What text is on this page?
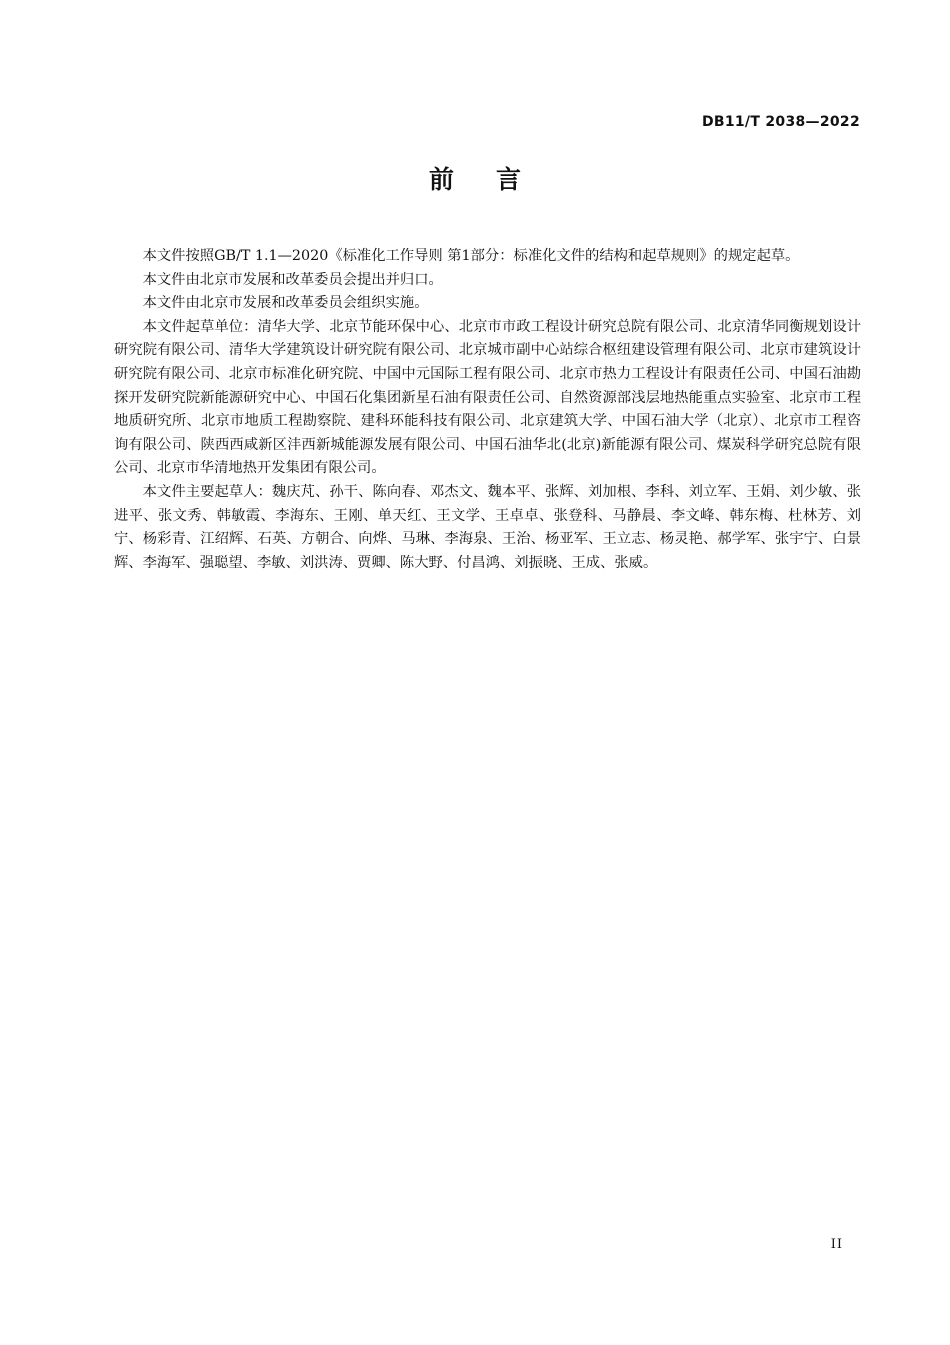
DB11/T 2038—2022
前言

本文件按照GB/T 1.1—2020《标准化工作导则 第1部分：标准化文件的结构和起草规则》的规定起草。

本文件由北京市发展和改革委员会提出并归口。

本文件由北京市发展和改革委员会组织实施。

本文件起草单位：清华大学、北京节能环保中心、北京市市政工程设计研究总院有限公司、北京清华同衡规划设计研究院有限公司、清华大学建筑设计研究院有限公司、北京城市副中心站综合枢纽建设管理有限公司、北京市建筑设计研究院有限公司、北京市标准化研究院、中国中元国际工程有限公司、北京市热力工程设计有限责任公司、中国石油勘探开发研究院新能源研究中心、中国石化集团新星石油有限责任公司、自然资源部浅层地热能重点实验室、北京市工程地质研究所、北京市地质工程勘察院、建科环能科技有限公司、北京建筑大学、中国石油大学（北京）、北京市工程咨询有限公司、陕西西咸新区沣西新城能源发展有限公司、中国石油华北(北京)新能源有限公司、煤炭科学研究总院有限公司、北京市华清地热开发集团有限公司。

本文件主要起草人：魏庆芃、孙干、陈向春、邓杰文、魏本平、张辉、刘加根、李科、刘立军、王娟、刘少敏、张进平、张文秀、韩敏霞、李海东、王刚、单天红、王文学、王卓卓、张登科、马静晨、李文峰、韩东梅、杜林芳、刘宁、杨彩青、江绍辉、石英、方朝合、向烨、马琳、李海泉、王治、杨亚军、王立志、杨灵艳、郝学军、张宇宁、白景辉、李海军、强聪望、李敏、刘洪涛、贾卿、陈大野、付昌鸿、刘振晓、王成、张威。

II
